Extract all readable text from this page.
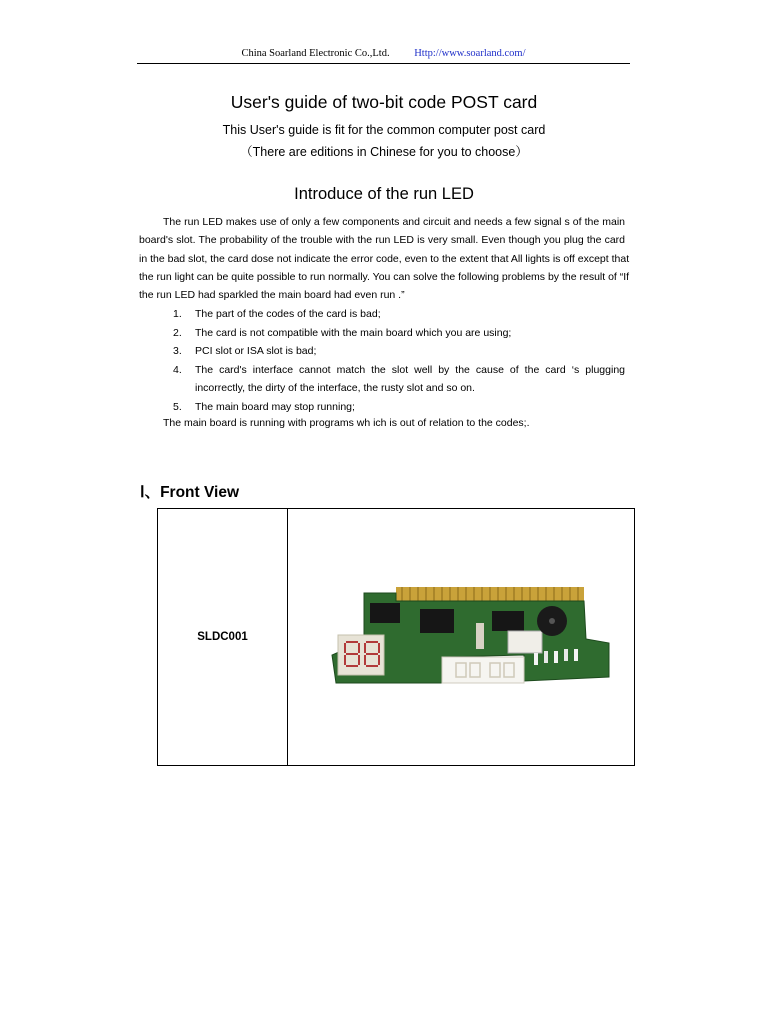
China Soarland Electronic Co.,Ltd. Http://www.soarland.com/
User's guide of two-bit code POST card
This User's guide is fit for the common computer post card
（There are editions in Chinese for you to choose）
Introduce of the run LED
The run LED makes use of only a few components and circuit and needs a few signal s of the main
board's slot. The probability of the trouble with the run LED is very small. Even though you plug the card
in the bad slot, the card dose not indicate the error code, even to the extent that All lights is off except that
the run light can be quite possible to run normally. You can solve the following problems by the result of “If
the run LED had sparkled the main board had even run .”
1.	The part of the codes of the card is bad;
2.	The card is not compatible with the main board which you are using;
3.	PCI slot or ISA slot is bad;
4.	The card's interface cannot match the slot well by the cause of the card ‘s plugging
incorrectly, the dirty of the interface, the rusty slot and so on.
5.	The main board may stop running;
The main board is running with programs wh ich is out of relation to the codes;.
Ⅰ、Front View
SLDC001
